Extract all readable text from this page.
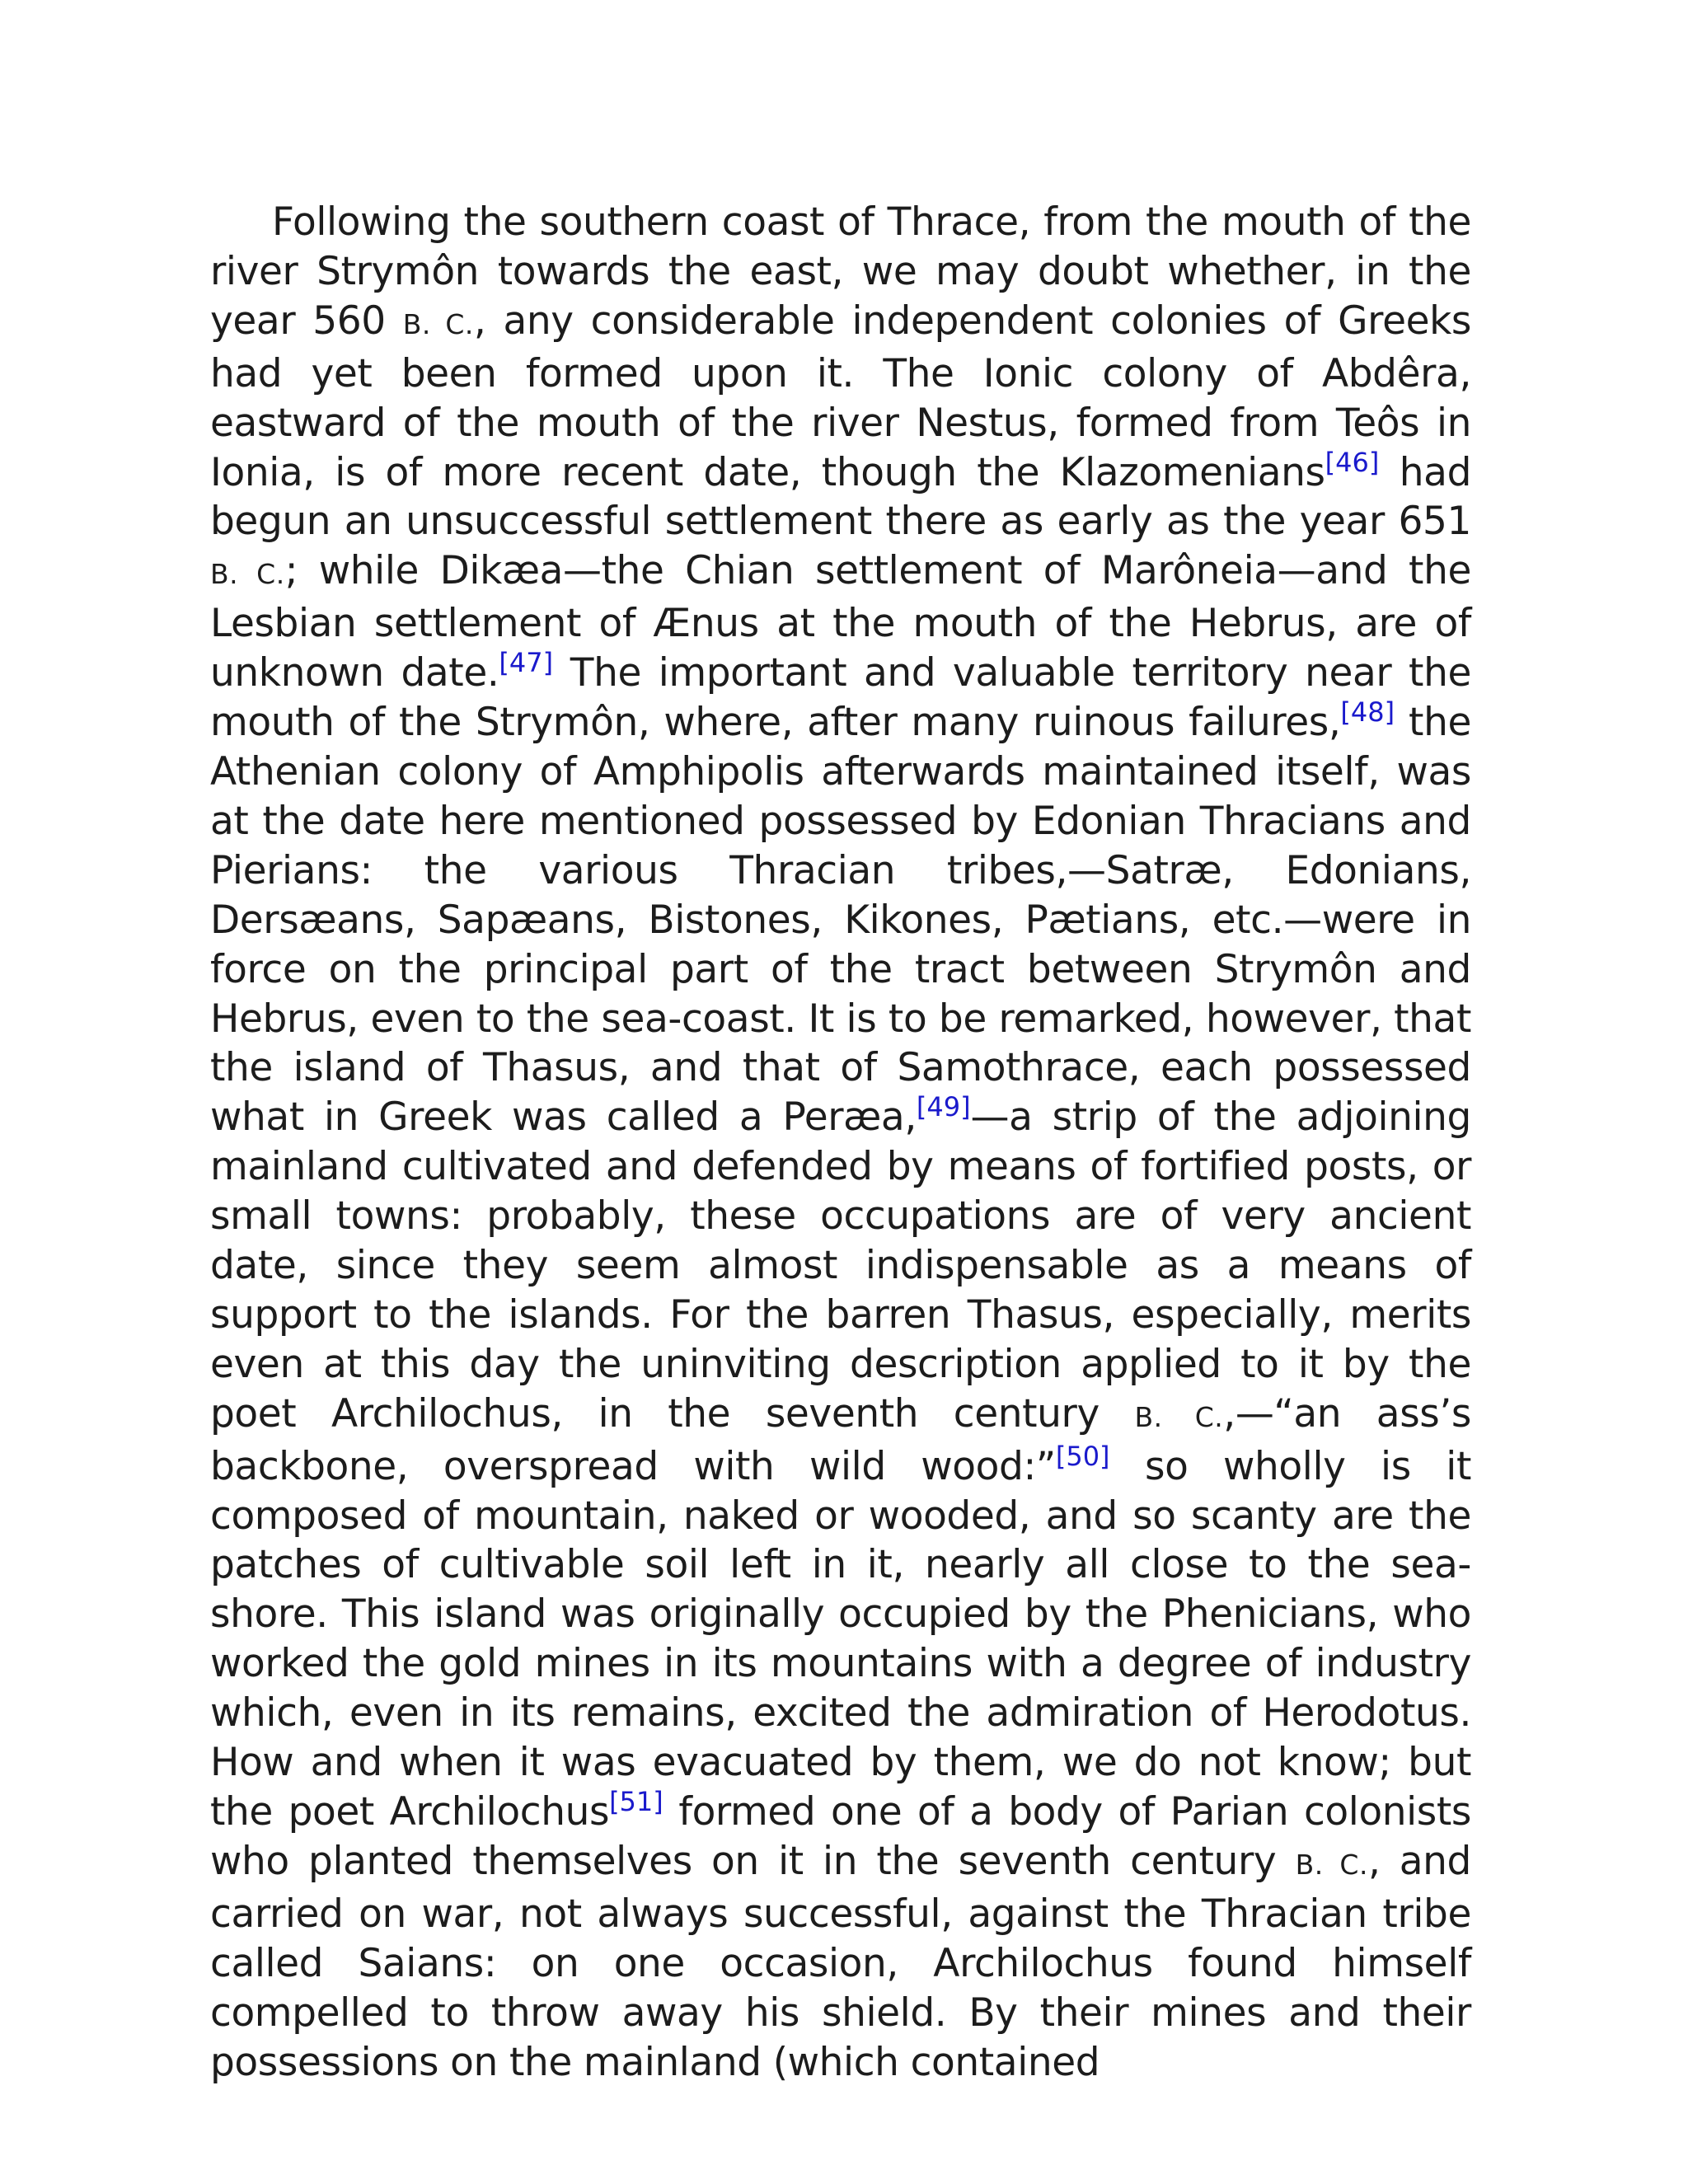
Following the southern coast of Thrace, from the mouth of the river Strymôn towards the east, we may doubt whether, in the year 560 B. C., any considerable independent colonies of Greeks had yet been formed upon it. The Ionic colony of Abdêra, eastward of the mouth of the river Nestus, formed from Teôs in Ionia, is of more recent date, though the Klazomenians[46] had begun an unsuccessful settlement there as early as the year 651 B. C.; while Dikæa—the Chian settlement of Marôneia—and the Lesbian settlement of Ænus at the mouth of the Hebrus, are of unknown date.[47] The important and valuable territory near the mouth of the Strymôn, where, after many ruinous failures,[48] the Athenian colony of Amphipolis afterwards maintained itself, was at the date here mentioned possessed by Edonian Thracians and Pierians: the various Thracian tribes,—Satræ, Edonians, Dersæans, Sapæans, Bistones, Kikones, Pætians, etc.—were in force on the principal part of the tract between Strymôn and Hebrus, even to the sea-coast. It is to be remarked, however, that the island of Thasus, and that of Samothrace, each possessed what in Greek was called a Peræa,[49]—a strip of the adjoining mainland cultivated and defended by means of fortified posts, or small towns: probably, these occupations are of very ancient date, since they seem almost indispensable as a means of support to the islands. For the barren Thasus, especially, merits even at this day the uninviting description applied to it by the poet Archilochus, in the seventh century B. C.,—“an ass’s backbone, overspread with wild wood:”[50] so wholly is it composed of mountain, naked or wooded, and so scanty are the patches of cultivable soil left in it, nearly all close to the sea-shore. This island was originally occupied by the Phenicians, who worked the gold mines in its mountains with a degree of industry which, even in its remains, excited the admiration of Herodotus. How and when it was evacuated by them, we do not know; but the poet Archilochus[51] formed one of a body of Parian colonists who planted themselves on it in the seventh century B. C., and carried on war, not always successful, against the Thracian tribe called Saians: on one occasion, Archilochus found himself compelled to throw away his shield. By their mines and their possessions on the mainland (which contained
